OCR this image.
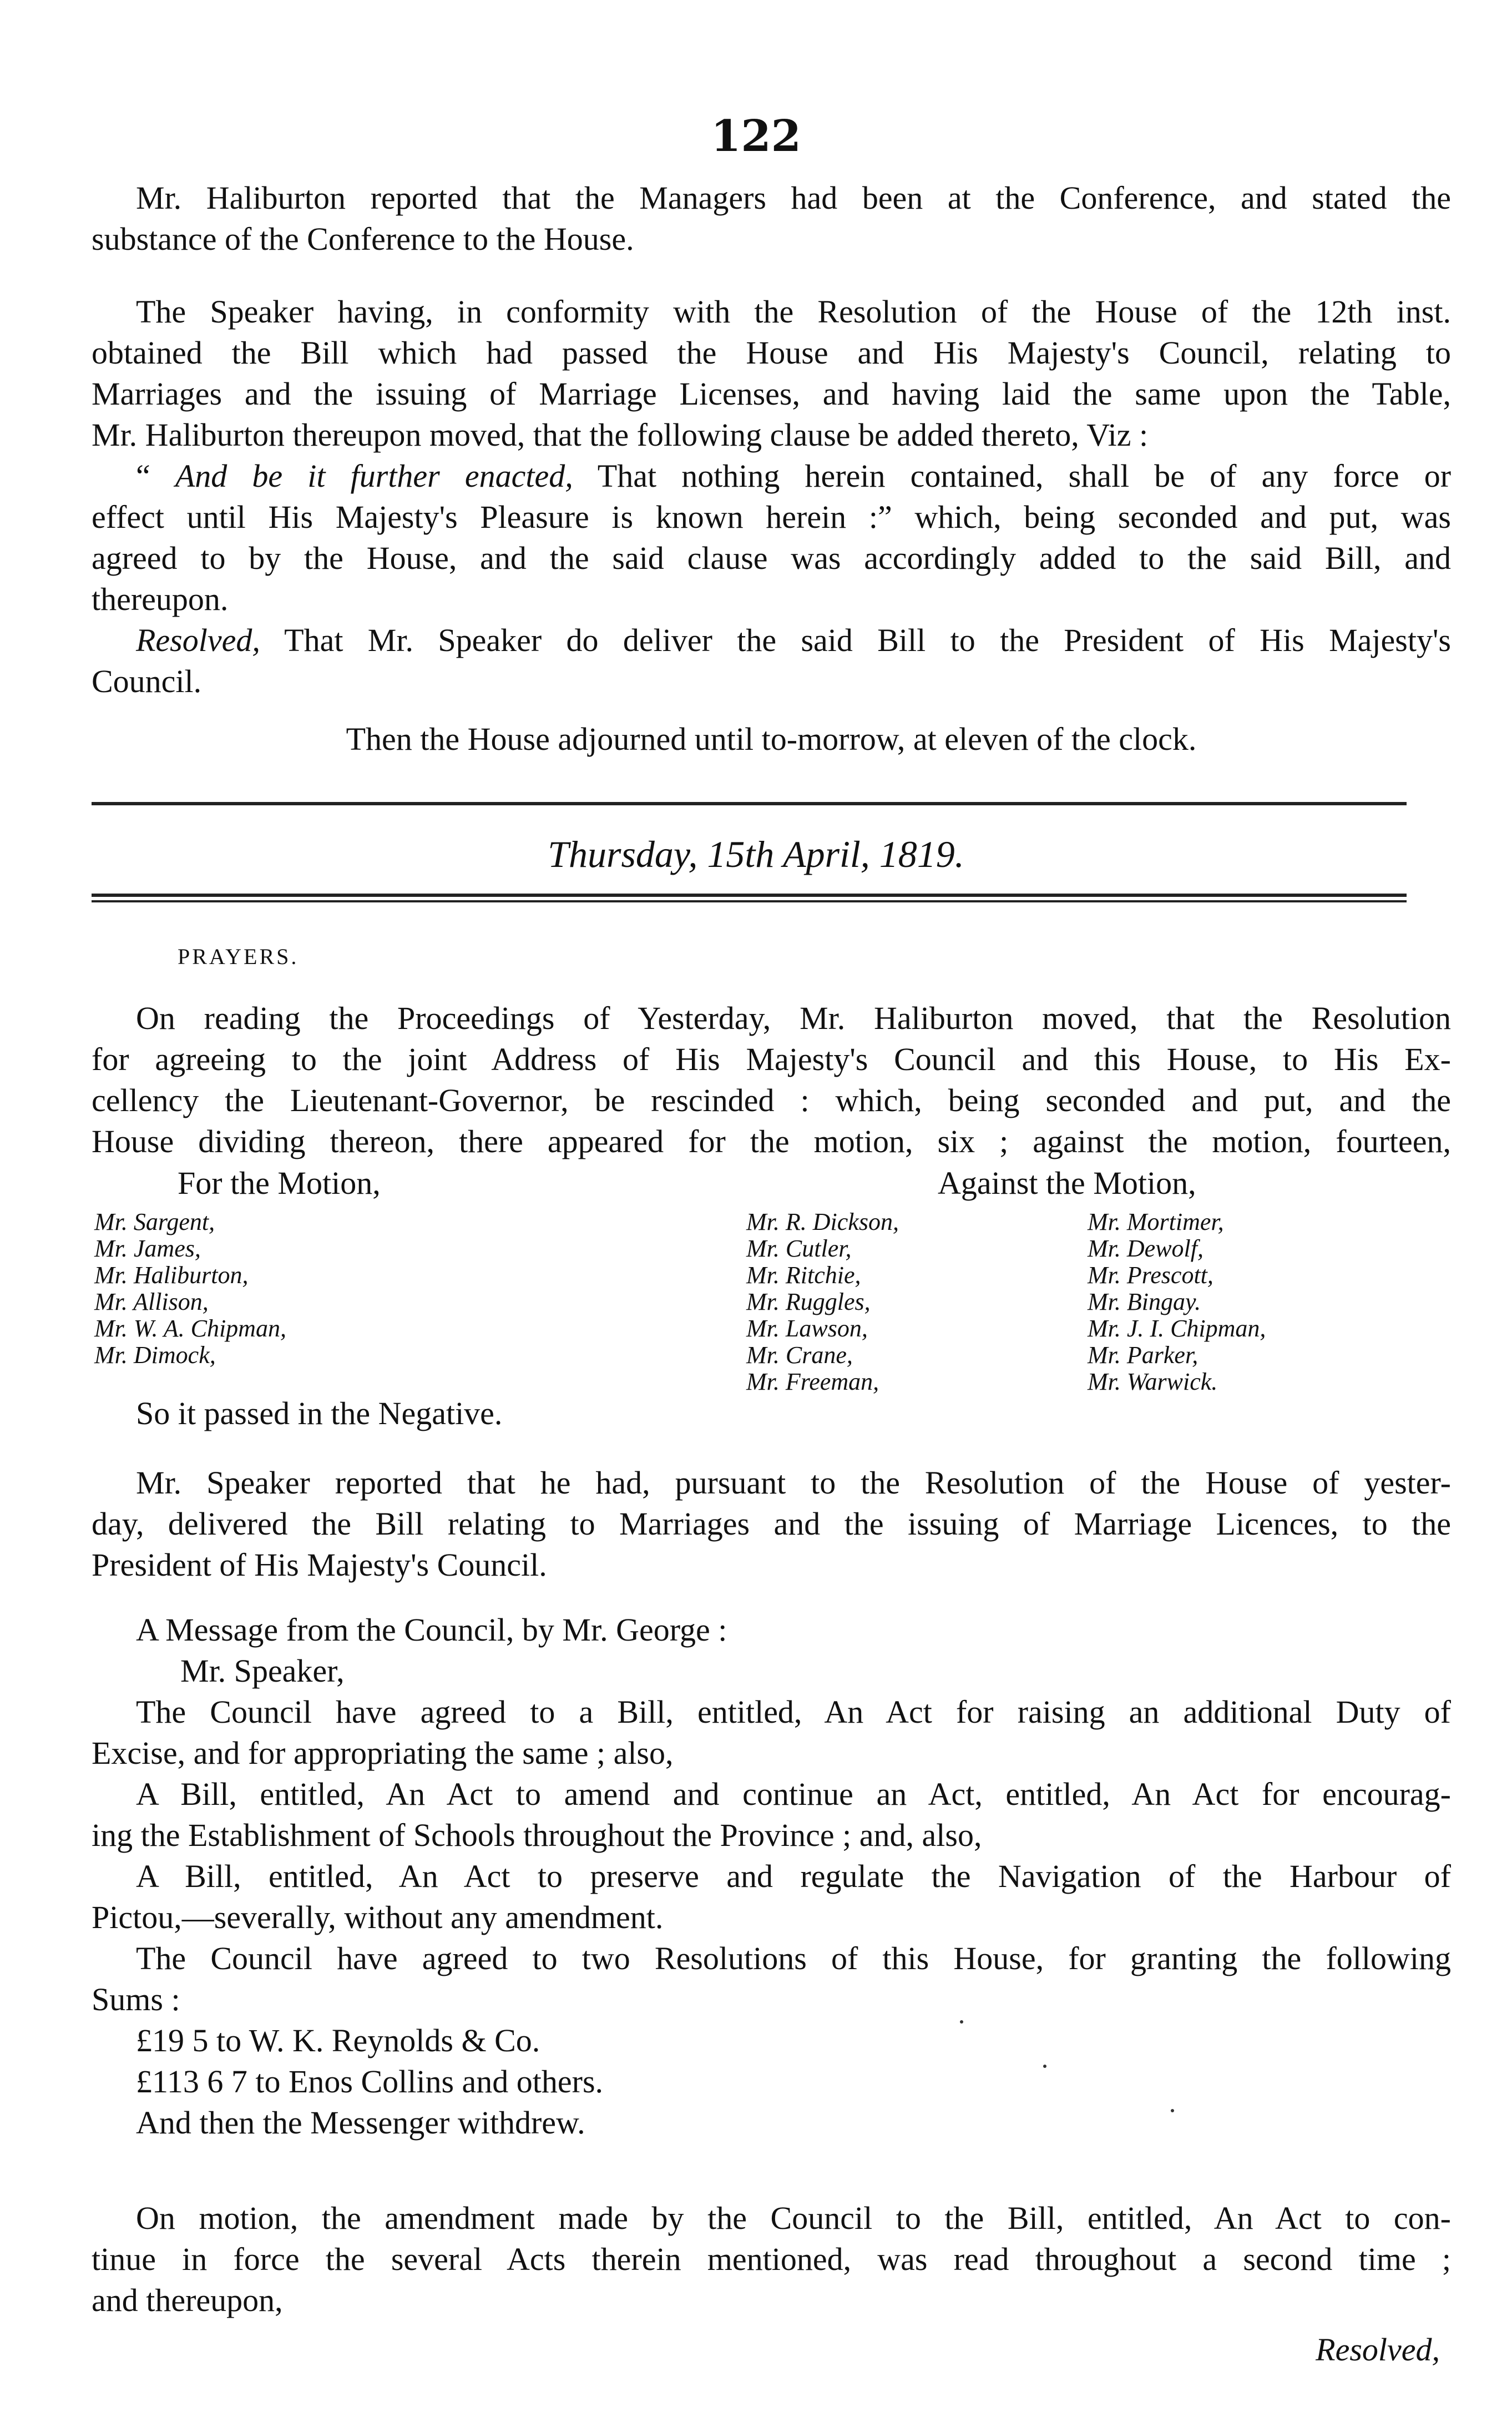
122

Mr. Haliburton reported that the Managers had been at the Conference, and stated the

substance of the Conference to the House.

The Speaker having, in conformity with the Resolution of the House of the 12th inst.

obtained the Bill which had passed the House and His Majesty's Council, relating to

Marriages and the issuing of Marriage Licenses, and having laid the same upon the Table,

Mr. Haliburton thereupon moved, that the following clause be added thereto, Viz :

“ And be it further enacted, That nothing herein contained, shall be of any force or

effect until His Majesty's Pleasure is known herein :” which, being seconded and put, was

agreed to by the House, and the said clause was accordingly added to the said Bill, and

thereupon.

Resolved, That Mr. Speaker do deliver the said Bill to the President of His Majesty's

Council.

Then the House adjourned until to-morrow, at eleven of the clock.

Thursday, 15th April, 1819.
PRAYERS.

On reading the Proceedings of Yesterday, Mr. Haliburton moved, that the Resolution

for agreeing to the joint Address of His Majesty's Council and this House, to His Ex-

cellency the Lieutenant-Governor, be rescinded : which, being seconded and put, and the

House dividing thereon, there appeared for the motion, six ; against the motion, fourteen,

For the Motion,	Against the Motion,
Mr. Sargent,
Mr. James,
Mr. Haliburton,
Mr. Allison,
Mr. W. A. Chipman,
Mr. Dimock,
Mr. R. Dickson,
Mr. Cutler,
Mr. Ritchie,
Mr. Ruggles,
Mr. Lawson,
Mr. Crane,
Mr. Freeman,
Mr. Mortimer,
Mr. Dewolf,
Mr. Prescott,
Mr. Bingay.
Mr. J. I. Chipman,
Mr. Parker,
Mr. Warwick.

So it passed in the Negative.

Mr. Speaker reported that he had, pursuant to the Resolution of the House of yester-

day, delivered the Bill relating to Marriages and the issuing of Marriage Licences, to the

President of His Majesty's Council.

A Message from the Council, by Mr. George :

Mr. Speaker,

The Council have agreed to a Bill, entitled, An Act for raising an additional Duty of

Excise, and for appropriating the same ; also,

A Bill, entitled, An Act to amend and continue an Act, entitled, An Act for encourag-

ing the Establishment of Schools throughout the Province ; and, also,

A Bill, entitled, An Act to preserve and regulate the Navigation of the Harbour of

Pictou,—severally, without any amendment.

The Council have agreed to two Resolutions of this House, for granting the following

Sums :

£19 5 to W. K. Reynolds & Co.

£113 6 7 to Enos Collins and others.

And then the Messenger withdrew.

On motion, the amendment made by the Council to the Bill, entitled, An Act to con-

tinue in force the several Acts therein mentioned, was read throughout a second time ;

and thereupon,

Resolved,
